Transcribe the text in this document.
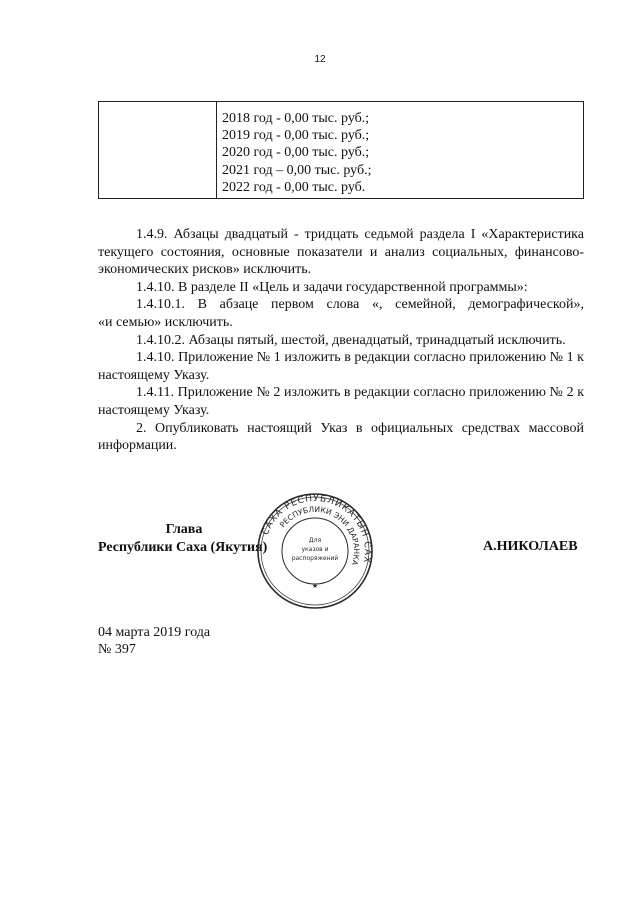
12
2018 год - 0,00 тыс. руб.;
2019 год - 0,00 тыс. руб.;
2020 год - 0,00 тыс. руб.;
2021 год – 0,00 тыс. руб.;
2022 год - 0,00 тыс. руб.

1.4.9. Абзацы двадцатый - тридцать седьмой раздела I «Характеристика текущего состояния, основные показатели и анализ социальных, финансово-экономических рисков» исключить.

1.4.10. В разделе II «Цель и задачи государственной программы»:

1.4.10.1. В абзаце первом слова «, семейной, демографической»,

«и семью» исключить.

1.4.10.2. Абзацы пятый, шестой, двенадцатый, тринадцатый исключить.

1.4.10. Приложение № 1 изложить в редакции согласно приложению № 1 к настоящему Указу.

1.4.11. Приложение № 2 изложить в редакции согласно приложению № 2 к настоящему Указу.

2. Опубликовать настоящий Указ в официальных средствах массовой информации.

Глава
Республики Саха (Якутия)
САХА РЕСПУБЛИКАТЫН САХ
РЕСПУБЛИКИ ЭНИ ДАРАНКА
Для
указов и
распоряжений
★
А.НИКОЛАЕВ
04 марта 2019 года
№ 397
